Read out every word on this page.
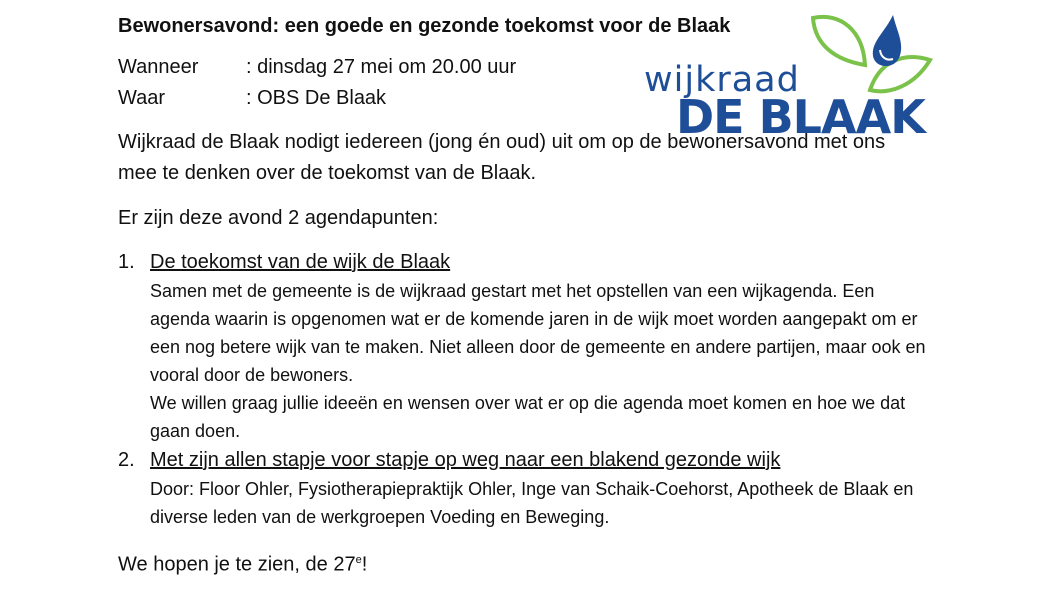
Bewonersavond: een goede en gezonde toekomst voor de Blaak
Wanneer	: dinsdag 27 mei om 20.00 uur
Waar	: OBS De Blaak
Wijkraad de Blaak nodigt iedereen (jong én oud) uit om op de bewonersavond met ons mee te denken over de toekomst van de Blaak.
Er zijn deze avond 2 agendapunten:
1. De toekomst van de wijk de Blaak
Samen met de gemeente is de wijkraad gestart met het opstellen van een wijkagenda. Een agenda waarin is opgenomen wat er de komende jaren in de wijk moet worden aangepakt om er een nog betere wijk van te maken. Niet alleen door de gemeente en andere partijen, maar ook en vooral door de bewoners.
We willen graag jullie ideeën en wensen over wat er op die agenda moet komen en hoe we dat gaan doen.
2. Met zijn allen stapje voor stapje op weg naar een blakend gezonde wijk
Door: Floor Ohler, Fysiotherapiepraktijk Ohler, Inge van Schaik-Coehorst, Apotheek de Blaak en diverse leden van de werkgroepen Voeding en Beweging.
We hopen je te zien, de 27e!
wijkraad
DE BLAAK
